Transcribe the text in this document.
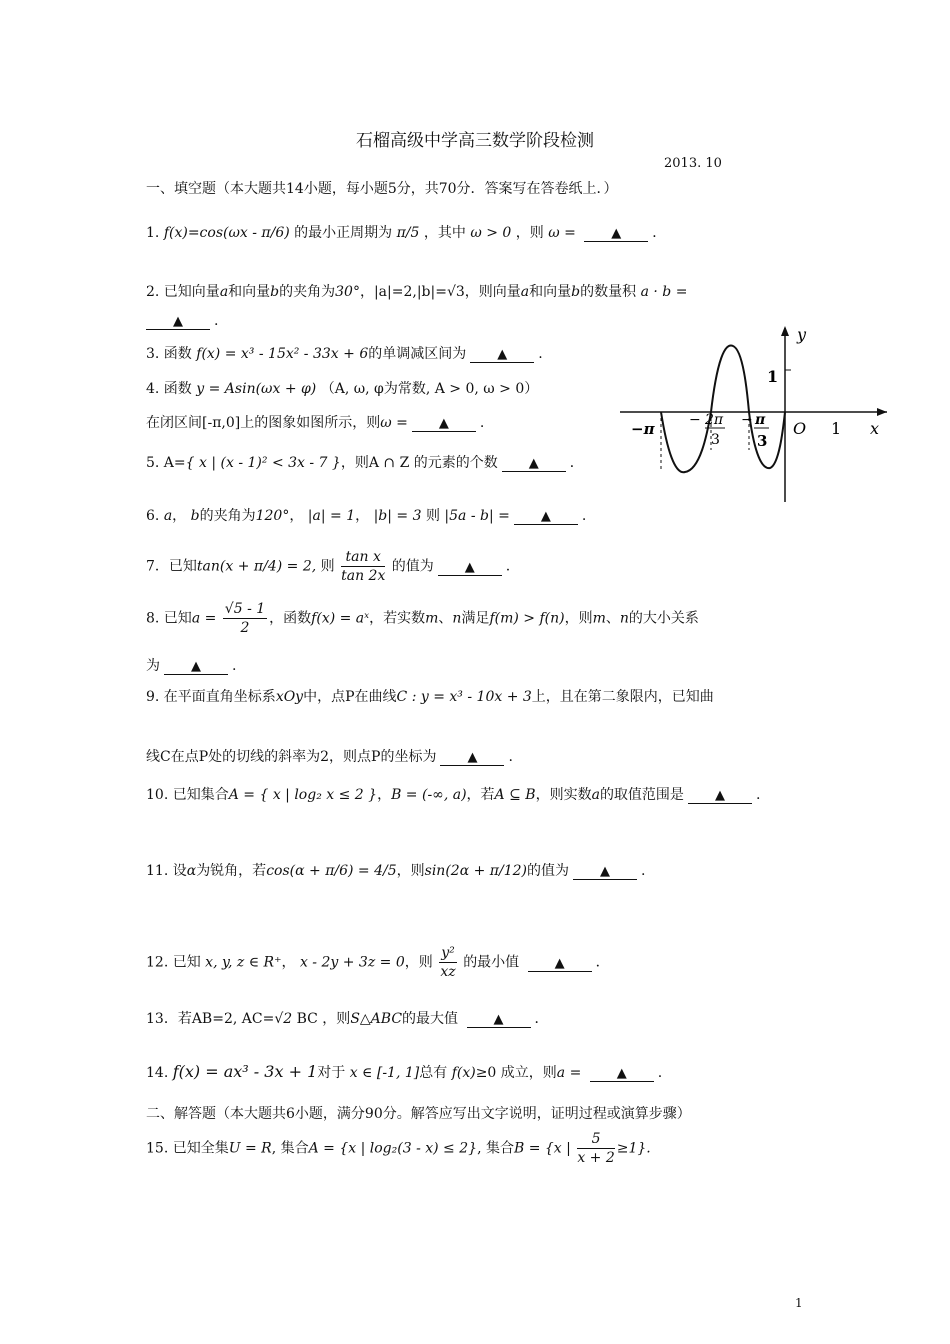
石榴高级中学高三数学阶段检测
2013. 10
一、填空题（本大题共14小题，每小题5分，共70分．答案写在答卷纸上．）
1. f(x)=cos(ωx - π/6) 的最小正周期为 π/5 ，其中 ω > 0 ，则 ω =	▲ ．
2. 已知向量a和向量b的夹角为30°，|a|=2,|b|=√3，则向量a和向量b的数量积 a · b =
▲ .
3. 函数 f(x) = x³ - 15x² - 33x + 6的单调减区间为 ▲ .
4. 函数 y = Asin(ωx + φ) （A, ω, φ为常数, A > 0, ω > 0）
在闭区间[-π,0]上的图象如图所示，则ω = ▲ .
y
x
O
1
1
−π − 2π
3
− π
3
5. A={ x | (x - 1)² < 3x - 7 }，则A ∩ Z 的元素的个数 ▲ ．
6. a， b的夹角为120°， |a| = 1， |b| = 3 则 |5a - b| = ▲ .
7．已知tan(x + π/4) = 2, 则 $\frac{\text{tan x}}{\tan 2x}$ 的值为 ▲ .
8. 已知$a = \frac{√5 - 1}{2}$ ，函数f(x) = aˣ，若实数m、n满足f(m) > f(n)，则m、n的大小关系
为 ▲ .
9. 在平面直角坐标系xOy中，点P在曲线C : y = x³ - 10x + 3上，且在第二象限内，已知曲
线C在点P处的切线的斜率为2，则点P的坐标为 ▲ .
10. 已知集合A = { x | log₂ x ≤ 2 }，B = (-∞, a)，若A ⊆ B，则实数a的取值范围是 ▲ .
11. 设α为锐角，若cos(α + π/6) = 4/5，则sin(2α + π/12)的值为 ▲ .
12. 已知 x, y, z ∈ R⁺， x - 2y + 3z = 0，则 $\frac{\text{y²}}{xz}$ 的最小值	▲ ．
13．若AB=2, AC=√2 BC ，则S△ABC的最大值	▲ ．
14. f(x) = ax³ - 3x + 1对于 x ∈ [-1, 1]总有 f(x)≥0 成立，则a =	▲ .
二、解答题（本大题共6小题，满分90分。解答应写出文字说明，证明过程或演算步骤）
15. 已知全集U = R, 集合A = {x | log₂(3 - x) ≤ 2}, 集合B = {x | $\frac{5}{x + 2} \ge 1$}.
1
